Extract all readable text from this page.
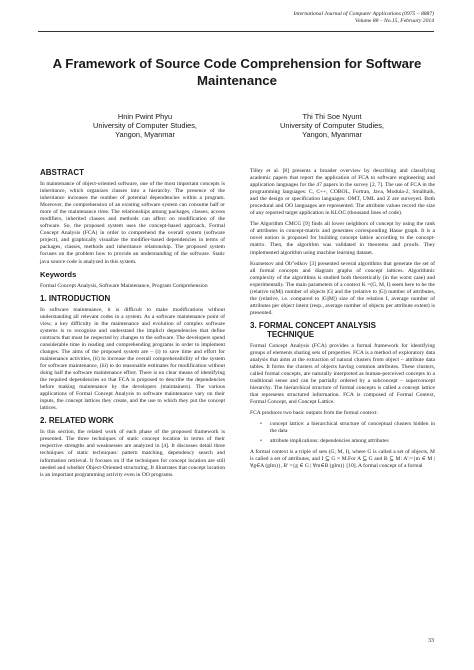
International Journal of Computer Applications (0975 – 8887)
Volume 88 – No.15, February 2014
A Framework of Source Code Comprehension for Software Maintenance
Hnin Pwint Phyu
University of Computer Studies,
Yangon, Myanmar
Thi Thi Soe Nyunt
University of Computer Studies,
Yangon, Myanmar
ABSTRACT

In maintenance of object-oriented software, one of the most important concepts is inheritance, which organizes classes into a hierarchy. The presence of the inheritance increases the number of potential dependencies within a program. Moreover, the comprehension of an existing software system can consume half or more of the maintenance time. The relationships among packages, classes, access modifiers, inherited classes and methods can affect on modification of the software. So, the proposed system uses the concept-based approach, Formal Concept Analysis (FCA) in order to comprehend the overall system (software project), and graphically visualize the modifier-based dependencies in terms of packages, classes, methods and inheritance relationship. The proposed system focuses on the problem how to provide an understanding of the software. Static java source code is analyzed in this system.

Keywords

Formal Concept Analysis, Software Maintenance, Program Comprehension

1. INTRODUCTION

In software maintenance, it is difficult to make modifications without understanding all relevant codes in a system. As a software maintenance point of view, a key difficulty in the maintenance and evolution of complex software systems is to recognize and understand the implicit dependencies that define contracts that must be respected by changes to the software. The developers spend considerable time in reading and comprehending programs in order to implement changes. The aims of the proposed system are – (i) to save time and effort for maintenance activities, (ii) to increase the overall comprehensibility of the system for software maintenance, (iii) to do reasonable estimates for modification without doing half the software maintenance effort. There is no clear means of identifying the required dependencies so that FCA is proposed to describe the dependencies before making maintenance by the developers (maintainers). The various applications of Formal Concept Analysis to software maintenance vary on their inputs, the concept lattices they create, and the use to which they put the concept lattices.

2. RELATED WORK

In this section, the related work of each phase of the proposed framework is presented. The three techniques of static concept location in terms of their respective strengths and weaknesses are analyzed in [4]. It discusses detail three techniques of static techniques: pattern matching, dependency search and information retrieval. It focuses on if the techniques for concept location are still needed and whether Object-Oriented structuring. It illustrates that concept location is an important programming activity even in OO programs.

Tilley et al. [8] presents a broader overview by describing and classifying academic papers that report the application of FCA to software engineering and application languages for the 47 papers in the survey [2, 7]. The use of FCA in the programming languages: C, C++, COBOL, Fortran, Java, Modula-2, Smalltalk, and the design or specification languages: OMT, UML and Z are surveyed. Both procedural and OO languages are represented. The attribute values record the size of any reported target application in KLOC (thousand lines of code).

The Algorithm CMCG [9] finds all lower neighbors of concept by using the rank of attributes in concept-matrix and generates corresponding Hasse graph. It is a novel notion is proposed for building concept lattice according to the concept-matrix. Then, the algorithm was validated in theorems and proofs. They implemented algorithm using machine learning dataset.

Kuznetsov and Ob"edkov [3] presented several algorithms that generate the set of all formal concepts and diagram graphs of concept lattices. Algorithmic complexity of the algorithms is studied both theoretically (in the worst case) and experimentally. The main parameters of a context K =(G, M, I) seem here to be the (relative to|M|) number of objects |G| and the (relative to |G|) number of attributes, the (relative, i.e. compared to |G||M|) size of the relation I, average number of attributes per object intent (resp., average number of objects per attribute extent) is presented.

3. FORMAL CONCEPT ANALYSIS
TECHNIQUE

Formal Concept Analysis (FCA) provides a formal framework for identifying groups of elements sharing sets of properties. FCA is a method of exploratory data analysis that aims at the extraction of natural clusters from object – attribute data tables. It forms the clusters of objects having common attributes. These clusters, called formal concepts, are naturally interpreted as human-perceived concepts in a traditional sense and can be partially ordered by a subconcept – superconcept hierarchy. The hierarchical structure of formal concepts is called a concept lattice that represents structured information. FCA is composed of Formal Context, Formal Concept, and Concept Lattice.

FCA produces two basic outputs from the formal context:

• concept lattice: a hierarchical structure of conceptual clusters hidden in the data
• attribute implications: dependencies among attributes

A formal context is a triple of sets (G, M, I), where G is called a set of objects, M is called a set of attributes, and I ⊆ G × M.For A ⊆ G and B ⊆ M: A':={m ∈ M | ∀g∈A (gIm)}, B' ={g ∈ G | ∀m∈B (gIm)} [10]. A formal concept of a formal

33
